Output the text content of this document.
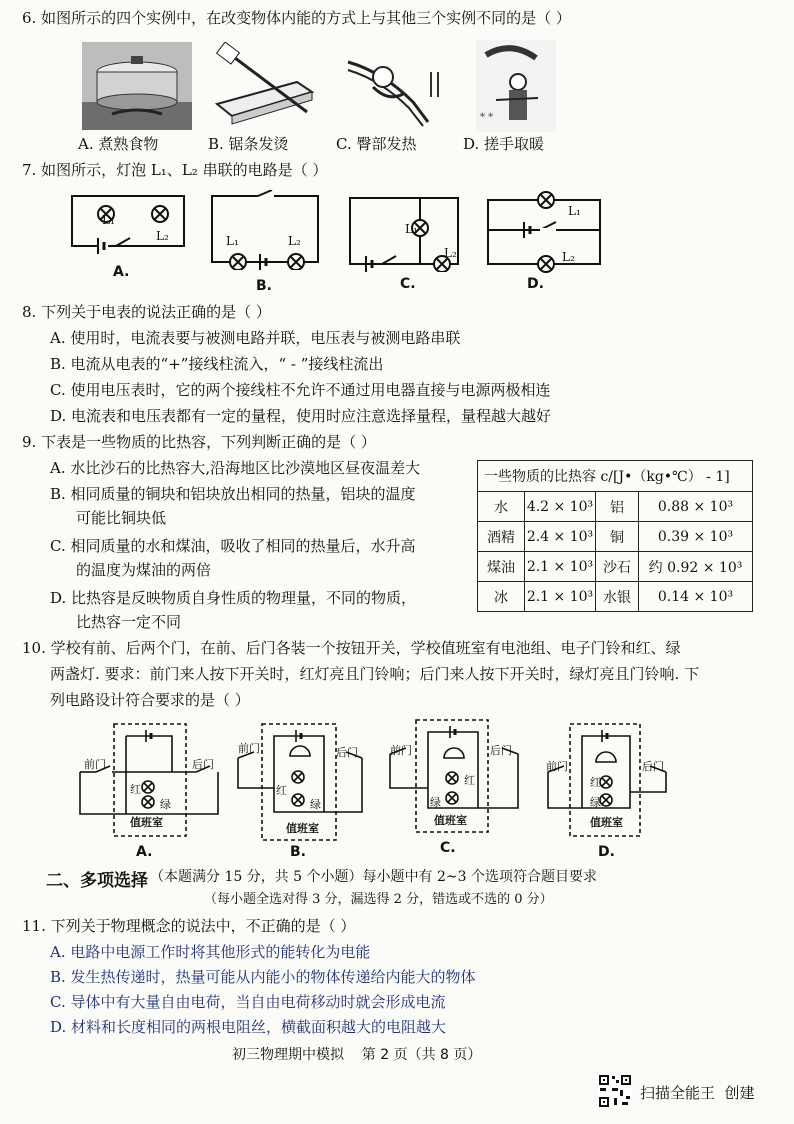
6. 如图所示的四个实例中，在改变物体内能的方式上与其他三个实例不同的是（ ）
* *
A. 煮熟食物	B. 锯条发烫	C. 臀部发热	D. 搓手取暖
7. 如图所示，灯泡 L₁、L₂ 串联的电路是（ ）
L₁
L₂
A.
L₁	L₂
B.
L₁
L₂
C.
L₁
L₂
D.
8. 下列关于电表的说法正确的是（ ）
A. 使用时，电流表要与被测电路并联，电压表与被测电路串联
B. 电流从电表的“+”接线柱流入，“ - ”接线柱流出
C. 使用电压表时，它的两个接线柱不允许不通过用电器直接与电源两极相连
D. 电流表和电压表都有一定的量程，使用时应注意选择量程，量程越大越好
9. 下表是一些物质的比热容，下列判断正确的是（ ）
A. 水比沙石的比热容大,沿海地区比沙漠地区昼夜温差大
B. 相同质量的铜块和铝块放出相同的热量，铝块的温度
可能比铜块低
C. 相同质量的水和煤油，吸收了相同的热量后，水升高
的温度为煤油的两倍
D. 比热容是反映物质自身性质的物理量，不同的物质，
比热容一定不同
一些物质的比热容 c/[J•（kg•℃） - 1]			
水	4.2 × 10³	铝	0.88 × 10³
酒精	2.4 × 10³	铜	0.39 × 10³
煤油	2.1 × 10³	沙石	约 0.92 × 10³
冰	2.1 × 10³	水银	0.14 × 10³
10. 学校有前、后两个门，在前、后门各装一个按钮开关，学校值班室有电池组、电子门铃和红、绿
两盏灯. 要求：前门来人按下开关时，红灯亮且门铃响；后门来人按下开关时，绿灯亮且门铃响. 下
列电路设计符合要求的是（ ）
前门	后门
红
绿
值班室
A.
前门	后门
红
绿
值班室
B.
前门	后门
红
绿
值班室
C.
前门	后门
红
绿
值班室
D.
二、多项选择 （本题满分 15 分，共 5 个小题）每小题中有 2~3 个选项符合题目要求
（每小题全选对得 3 分，漏选得 2 分，错选或不选的 0 分）
11. 下列关于物理概念的说法中，不正确的是（ ）
A. 电路中电源工作时将其他形式的能转化为电能
B. 发生热传递时，热量可能从内能小的物体传递给内能大的物体
C. 导体中有大量自由电荷，当自由电荷移动时就会形成电流
D. 材料和长度相同的两根电阻丝，横截面积越大的电阻越大
初三物理期中模拟    第 2 页（共 8 页）
扫描全能王  创建
